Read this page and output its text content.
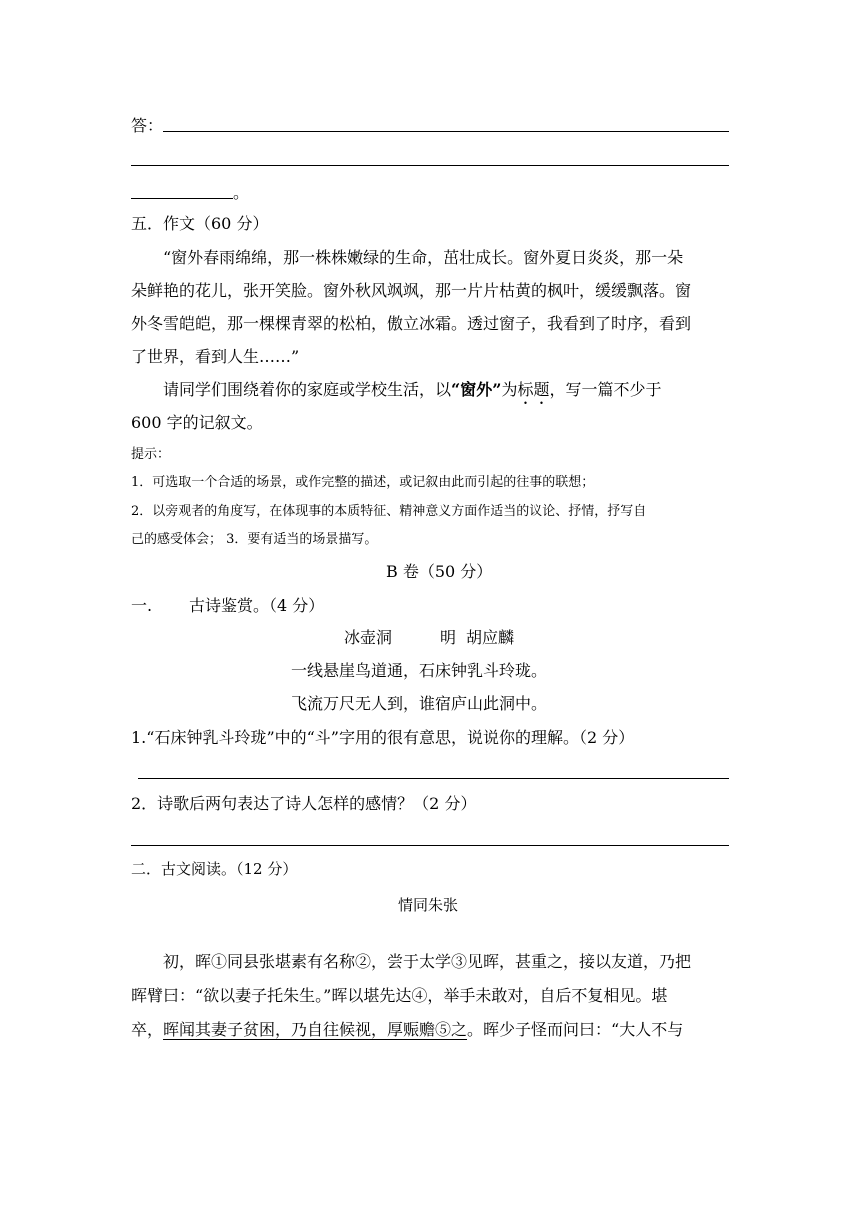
答：
。
五．作文（60 分）
“窗外春雨绵绵，那一株株嫩绿的生命，茁壮成长。窗外夏日炎炎，那一朵
朵鲜艳的花儿，张开笑脸。窗外秋风飒飒，那一片片枯黄的枫叶，缓缓飘落。窗
外冬雪皑皑，那一棵棵青翠的松柏，傲立冰霜。透过窗子，我看到了时序，看到
了世界，看到人生……”
请同学们围绕着你的家庭或学校生活，以“窗外”为标题，写一篇不少于
600 字的记叙文。
提示：
1．可选取一个合适的场景，或作完整的描述，或记叙由此而引起的往事的联想；
2．以旁观者的角度写，在体现事的本质特征、精神意义方面作适当的议论、抒情，抒写自
己的感受体会； 3．要有适当的场景描写。
B 卷（50 分）
一. 古诗鉴赏。（4 分）
冰壶洞	明 胡应麟
一线悬崖鸟道通，石床钟乳斗玲珑。
飞流万尺无人到，谁宿庐山此洞中。
1.“石床钟乳斗玲珑”中的“斗”字用的很有意思，说说你的理解。（2 分）
2．诗歌后两句表达了诗人怎样的感情？（2 分）
二．古文阅读。（12 分）
情同朱张
初，晖①同县张堪素有名称②，尝于太学③见晖，甚重之，接以友道，乃把
晖臂曰：“欲以妻子托朱生。”晖以堪先达④，举手未敢对，自后不复相见。堪
卒，晖闻其妻子贫困，乃自往候视，厚赈赡⑤之。晖少子怪而问曰：“大人不与
